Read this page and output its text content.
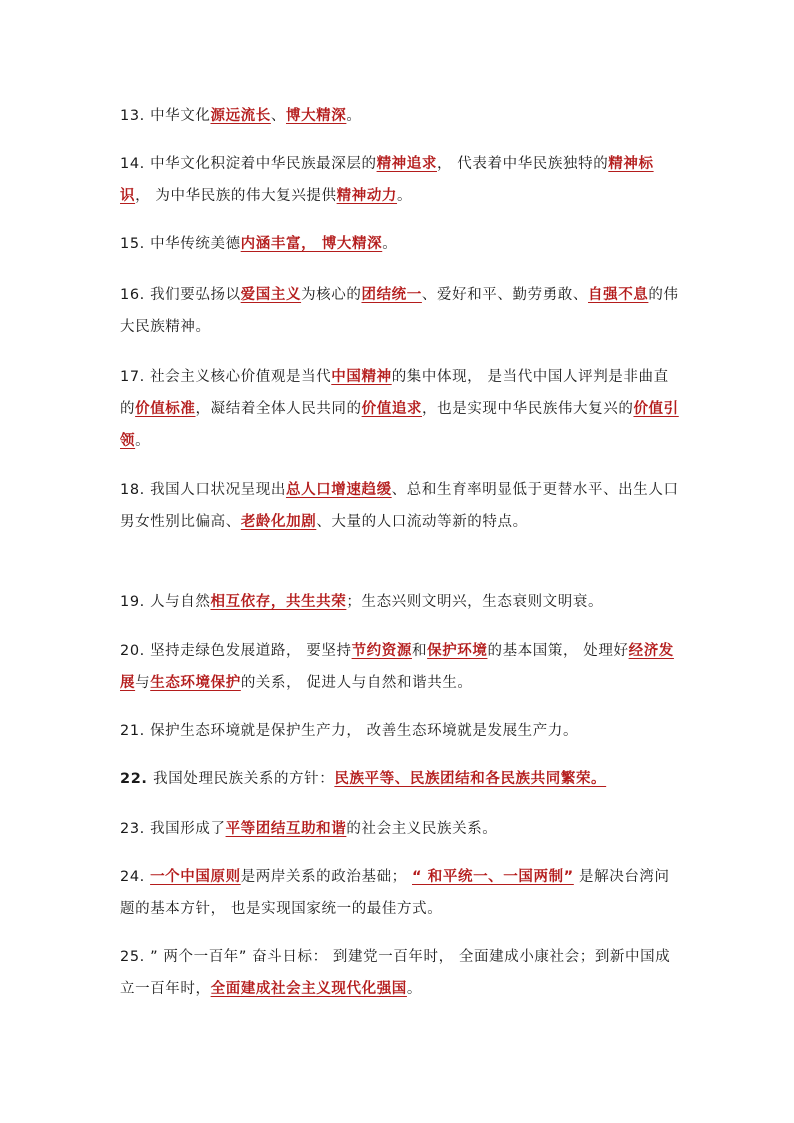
13. 中华文化源远流长、博大精深。

14. 中华文化积淀着中华民族最深层的精神追求， 代表着中华民族独特的精神标识， 为中华民族的伟大复兴提供精神动力。

15. 中华传统美德内涵丰富， 博大精深。

16. 我们要弘扬以爱国主义为核心的团结统一、爱好和平、勤劳勇敢、自强不息的伟大民族精神。

17. 社会主义核心价值观是当代中国精神的集中体现， 是当代中国人评判是非曲直的价值标准，凝结着全体人民共同的价值追求，也是实现中华民族伟大复兴的价值引领。

18. 我国人口状况呈现出总人口增速趋缓、总和生育率明显低于更替水平、出生人口男女性别比偏高、老龄化加剧、大量的人口流动等新的特点。

19. 人与自然相互依存，共生共荣；生态兴则文明兴，生态衰则文明衰。

20. 坚持走绿色发展道路， 要坚持节约资源和保护环境的基本国策， 处理好经济发展与生态环境保护的关系， 促进人与自然和谐共生。

21. 保护生态环境就是保护生产力， 改善生态环境就是发展生产力。

22. 我国处理民族关系的方针：民族平等、民族团结和各民族共同繁荣。

23. 我国形成了平等团结互助和谐的社会主义民族关系。

24. 一个中国原则是两岸关系的政治基础； “ 和平统一、一国两制” 是解决台湾问题的基本方针， 也是实现国家统一的最佳方式。

25. ” 两个一百年” 奋斗日标： 到建党一百年时， 全面建成小康社会；到新中国成立一百年时，全面建成社会主义现代化强国。
